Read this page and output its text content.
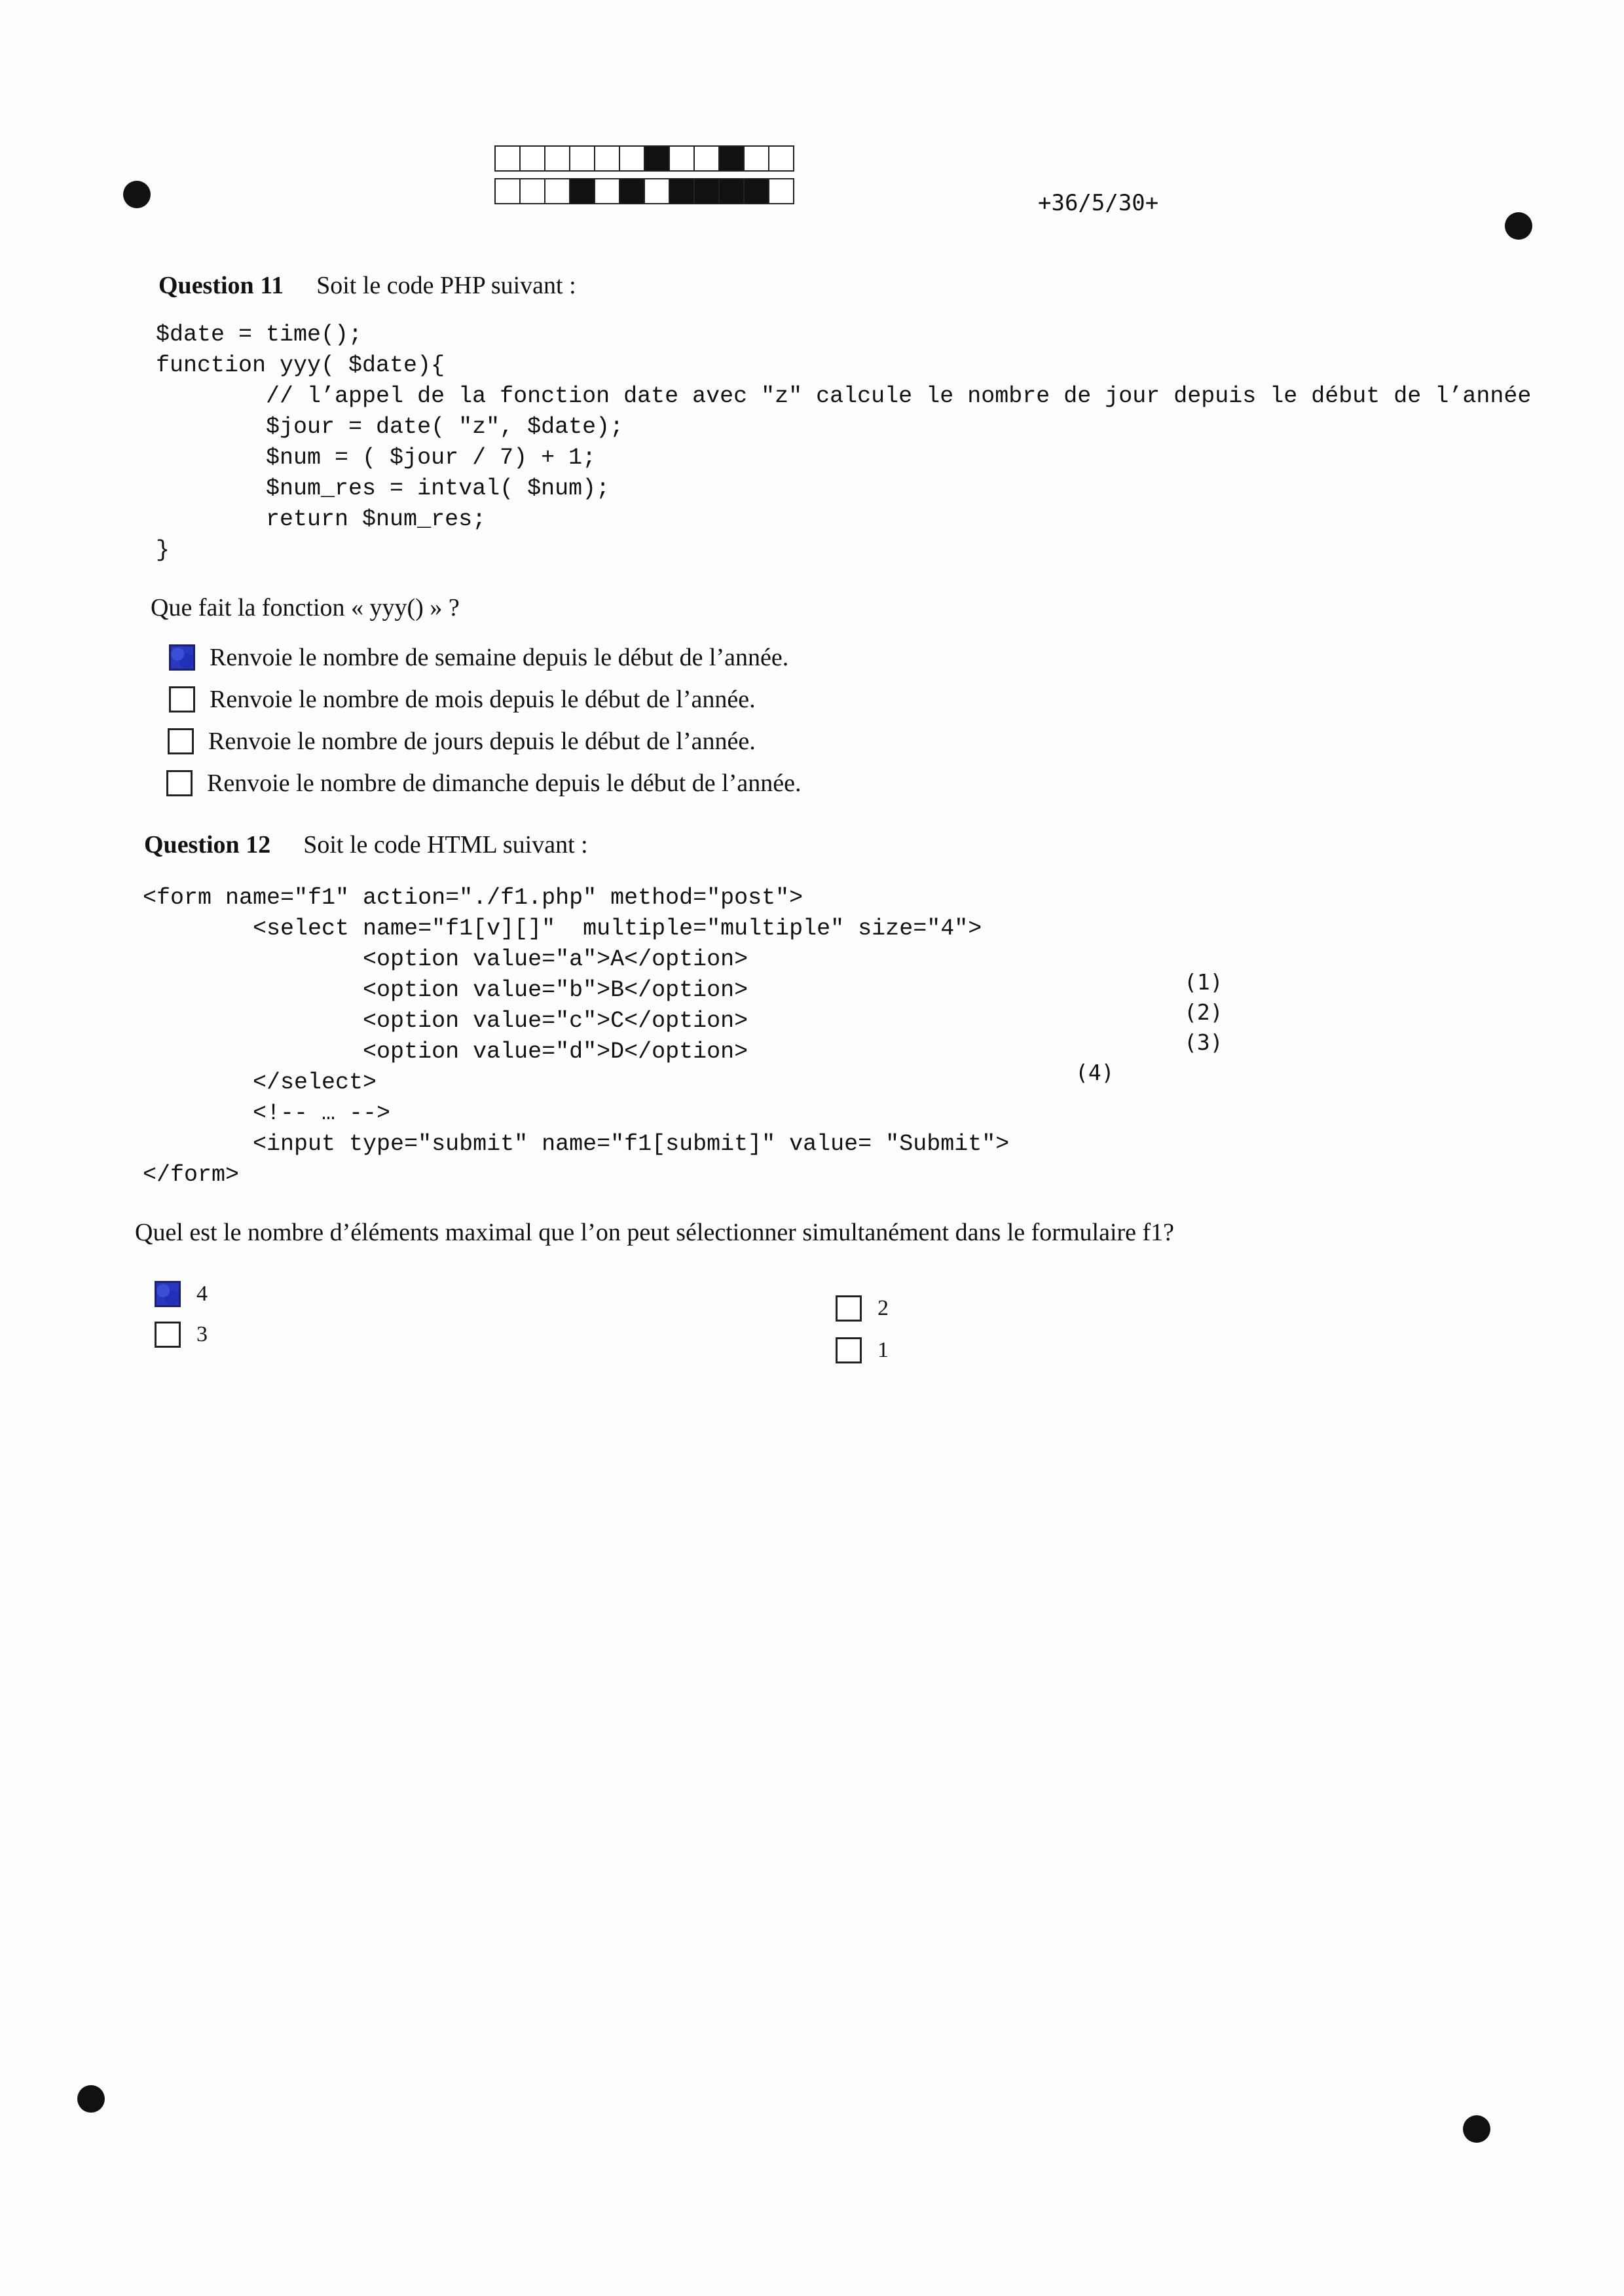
+36/5/30+
Question 11 Soit le code PHP suivant :
$date = time();
function yyy( $date){
// l’appel de la fonction date avec "z" calcule le nombre de jour depuis le début de l’année
$jour = date( "z", $date);
$num = ( $jour / 7) + 1;
$num_res = intval( $num);
return $num_res;
}
Que fait la fonction « yyy() » ?
Renvoie le nombre de semaine depuis le début de l’année.
Renvoie le nombre de mois depuis le début de l’année.
Renvoie le nombre de jours depuis le début de l’année.
Renvoie le nombre de dimanche depuis le début de l’année.
Question 12 Soit le code HTML suivant :
<form name="f1" action="./f1.php" method="post">
<select name="f1[v][]"  multiple="multiple" size="4">
<option value="a">A</option>
<option value="b">B</option>
<option value="c">C</option>
<option value="d">D</option>
</select>
<!-- … -->
<input type="submit" name="f1[submit]" value= "Submit">
</form>
(1)
(2)
(3)
(4)
Quel est le nombre d’éléments maximal que l’on peut sélectionner simultanément dans le formulaire f1?
4
3
2
1
